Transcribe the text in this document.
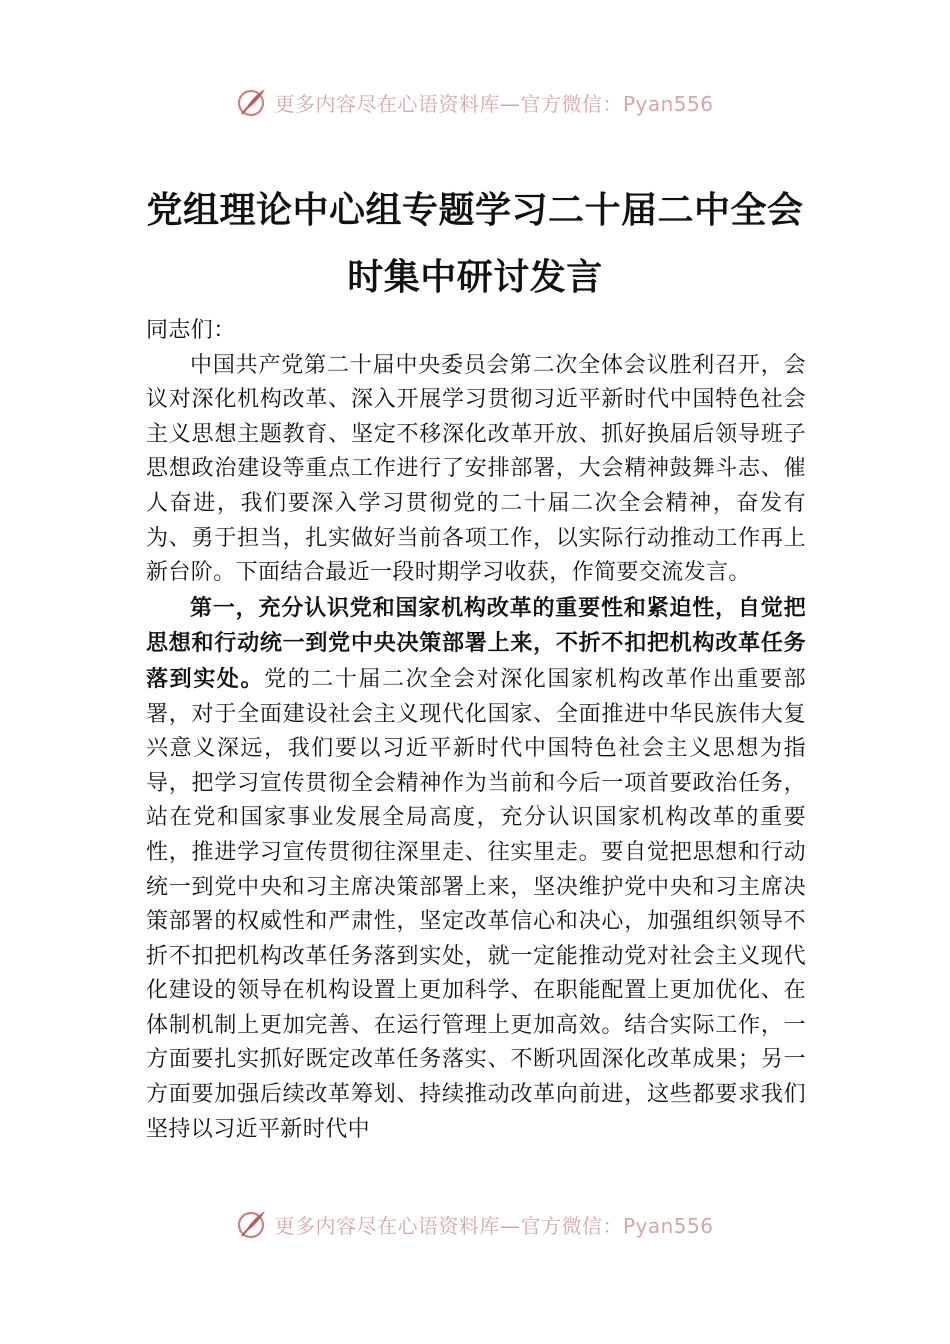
更多内容尽在心语资料库—官方微信：Pyan556
党组理论中心组专题学习二十届二中全会
时集中研讨发言

同志们：

中国共产党第二十届中央委员会第二次全体会议胜利召开，会议对深化机构改革、深入开展学习贯彻习近平新时代中国特色社会主义思想主题教育、坚定不移深化改革开放、抓好换届后领导班子思想政治建设等重点工作进行了安排部署，大会精神鼓舞斗志、催人奋进，我们要深入学习贯彻党的二十届二次全会精神，奋发有为、勇于担当，扎实做好当前各项工作，以实际行动推动工作再上新台阶。下面结合最近一段时期学习收获，作简要交流发言。

第一，充分认识党和国家机构改革的重要性和紧迫性，自觉把思想和行动统一到党中央决策部署上来，不折不扣把机构改革任务落到实处。党的二十届二次全会对深化国家机构改革作出重要部署，对于全面建设社会主义现代化国家、全面推进中华民族伟大复兴意义深远，我们要以习近平新时代中国特色社会主义思想为指导，把学习宣传贯彻全会精神作为当前和今后一项首要政治任务，站在党和国家事业发展全局高度，充分认识国家机构改革的重要性，推进学习宣传贯彻往深里走、往实里走。要自觉把思想和行动统一到党中央和习主席决策部署上来，坚决维护党中央和习主席决策部署的权威性和严肃性，坚定改革信心和决心，加强组织领导不折不扣把机构改革任务落到实处，就一定能推动党对社会主义现代化建设的领导在机构设置上更加科学、在职能配置上更加优化、在体制机制上更加完善、在运行管理上更加高效。结合实际工作，一方面要扎实抓好既定改革任务落实、不断巩固深化改革成果；另一方面要加强后续改革筹划、持续推动改革向前进，这些都要求我们坚持以习近平新时代中

更多内容尽在心语资料库—官方微信：Pyan556
